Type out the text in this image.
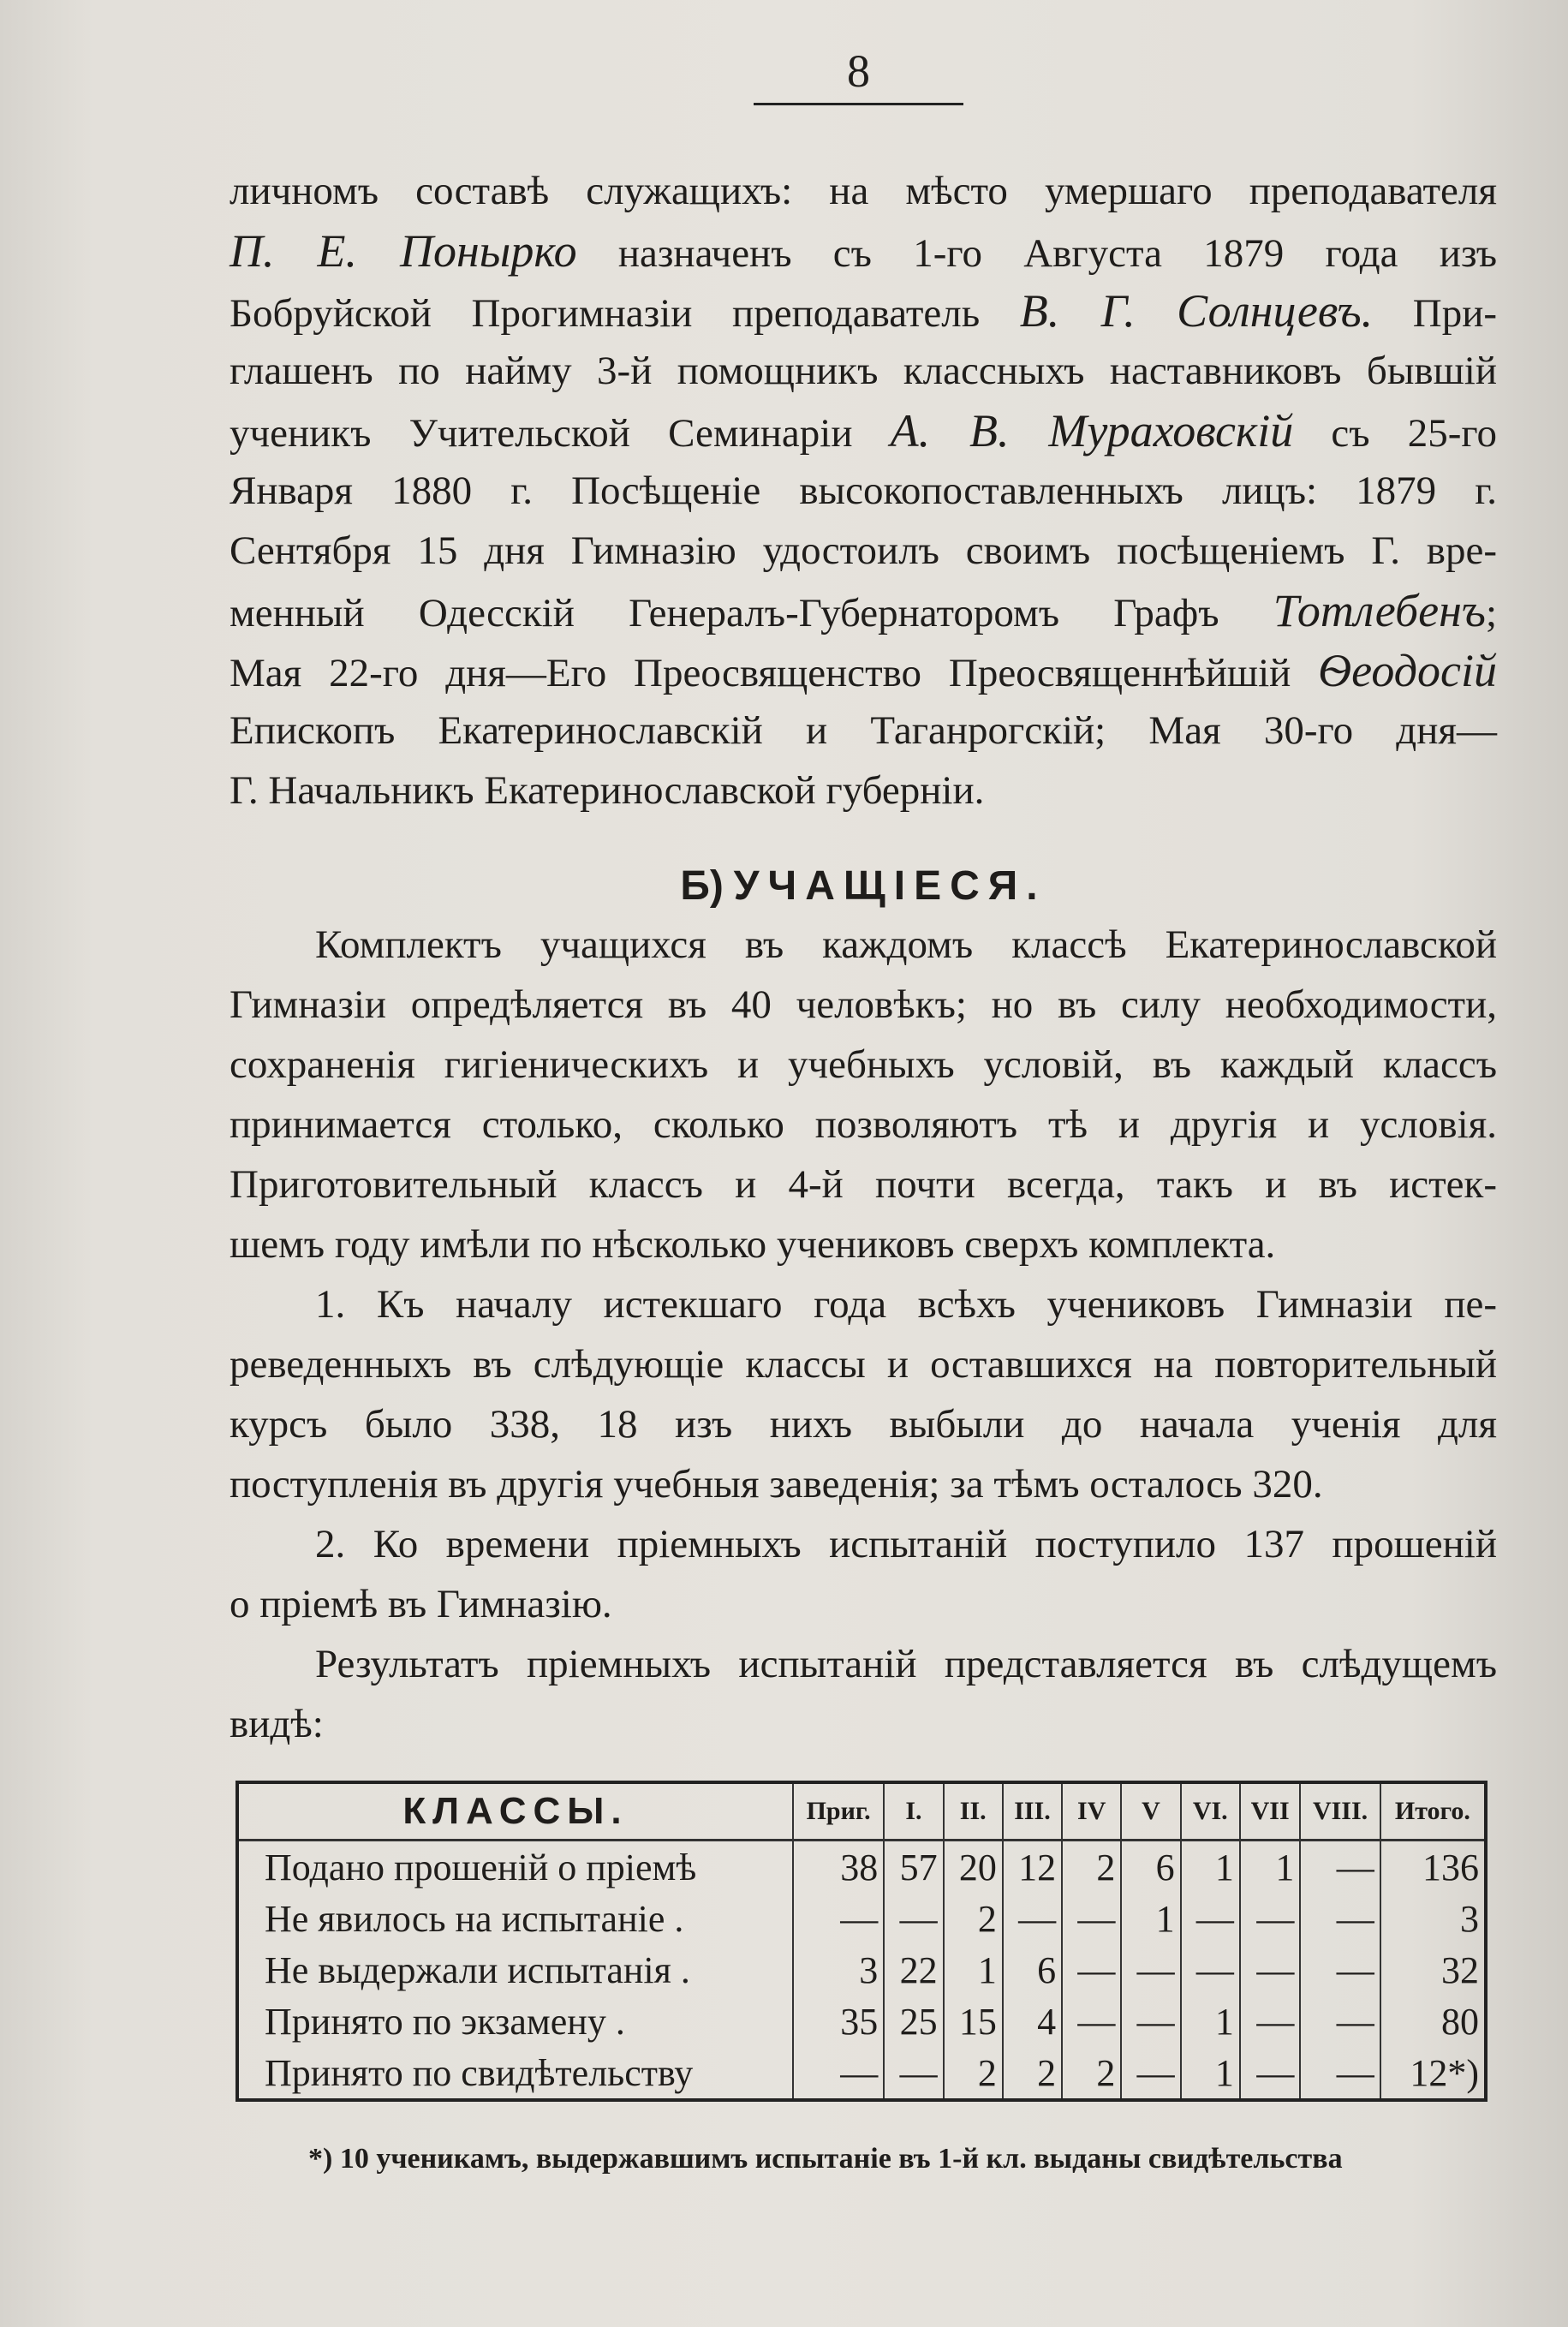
8
личномъ составѣ служащихъ: на мѣсто умершаго преподавателя
П. Е. Понырко назначенъ съ 1-го Августа 1879 года изъ
Бобруйской Прогимназіи преподаватель В. Г. Солнцевъ. При-
глашенъ по найму 3-й помощникъ классныхъ наставниковъ бывшій
ученикъ Учительской Семинаріи А. В. Мураховскій съ 25-го
Января 1880 г. Посѣщеніе высокопоставленныхъ лицъ: 1879 г.
Сентября 15 дня Гимназію удостоилъ своимъ посѣщеніемъ Г. вре-
менный Одесскій Генералъ-Губернаторомъ Графъ Тотлебенъ;
Мая 22-го дня—Его Преосвященство Преосвященнѣйшій Ѳеодосій
Епископъ Екатеринославскій и Таганрогскій; Мая 30-го дня—
Г. Начальникъ Екатеринославской губерніи.
Б) УЧАЩІЕСЯ.
Комплектъ учащихся въ каждомъ классѣ Екатеринославской
Гимназіи опредѣляется въ 40 человѣкъ; но въ силу необходимости,
сохраненія гигіеническихъ и учебныхъ условій, въ каждый классъ
принимается столько, сколько позволяютъ тѣ и другія и условія.
Приготовительный классъ и 4-й почти всегда, такъ и въ истек-
шемъ году имѣли по нѣсколько учениковъ сверхъ комплекта.
1. Къ началу истекшаго года всѣхъ учениковъ Гимназіи пе-
реведенныхъ въ слѣдующіе классы и оставшихся на повторительный
курсъ было 338, 18 изъ нихъ выбыли до начала ученія для
поступленія въ другія учебныя заведенія; за тѣмъ осталось 320.
2. Ко времени пріемныхъ испытаній поступило 137 прошеній
о пріемѣ въ Гимназію.
Результатъ пріемныхъ испытаній представляется въ слѣдущемъ
видѣ:
КЛАССЫ.	Приг.	I.	II.	III.	IV	V	VI.	VII	VIII.	Итого.
Подано прошеній о пріемѣ	38	57	20	12	2	6	1	1	—	136
Не явилось на испытаніе .	—	—	2	—	—	1	—	—	—	3
Не выдержали испытанія .	3	22	1	6	—	—	—	—	—	32
Принято по экзамену .	35	25	15	4	—	—	1	—	—	80
Принято по свидѣтельству	—	—	2	2	2	—	1	—	—	12*)
*) 10 ученикамъ, выдержавшимъ испытаніе въ 1-й кл. выданы свидѣтельства
